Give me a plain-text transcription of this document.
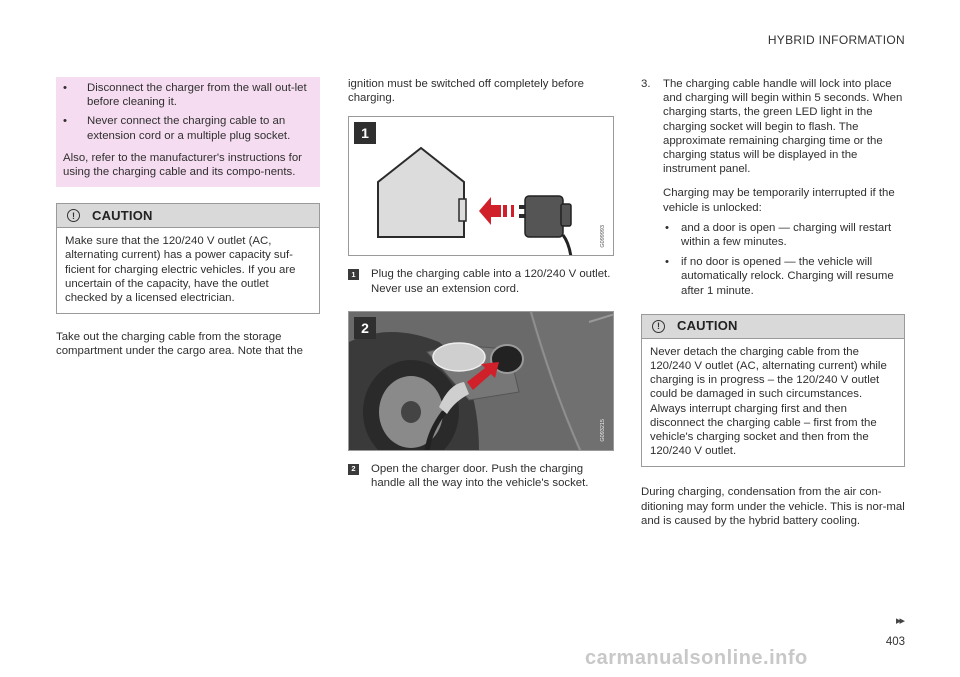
HYBRID INFORMATION
•	Disconnect the charger from the wall out-let before cleaning it.
•	Never connect the charging cable to an extension cord or a multiple plug socket.
Also, refer to the manufacturer's instructions for using the charging cable and its compo-nents.
!	CAUTION
Make sure that the 120/240 V outlet (AC, alternating current) has a power capacity suf-ficient for charging electric vehicles. If you are uncertain of the capacity, have the outlet checked by a licensed electrician.
Take out the charging cable from the storage compartment under the cargo area. Note that the
ignition must be switched off completely before charging.
1
G099993
1	Plug the charging cable into a 120/240 V outlet. Never use an extension cord.
2
G093215
2	Open the charger door. Push the charging handle all the way into the vehicle's socket.
3.	The charging cable handle will lock into place and charging will begin within 5 seconds. When charging starts, the green LED light in the charging socket will begin to flash. The approximate remaining charging time or the charging status will be displayed in the instrument panel.
Charging may be temporarily interrupted if the vehicle is unlocked:
•	and a door is open — charging will restart within a few minutes.
•	if no door is opened — the vehicle will automatically relock. Charging will resume after 1 minute.
!	CAUTION
Never detach the charging cable from the 120/240 V outlet (AC, alternating current) while charging is in progress – the 120/240 V outlet could be damaged in such circumstances. Always interrupt charging first and then disconnect the charging cable – first from the vehicle's charging socket and then from the 120/240 V outlet.
During charging, condensation from the air con-ditioning may form under the vehicle. This is nor-mal and is caused by the hybrid battery cooling.
▸▸
403
carmanualsonline.info
